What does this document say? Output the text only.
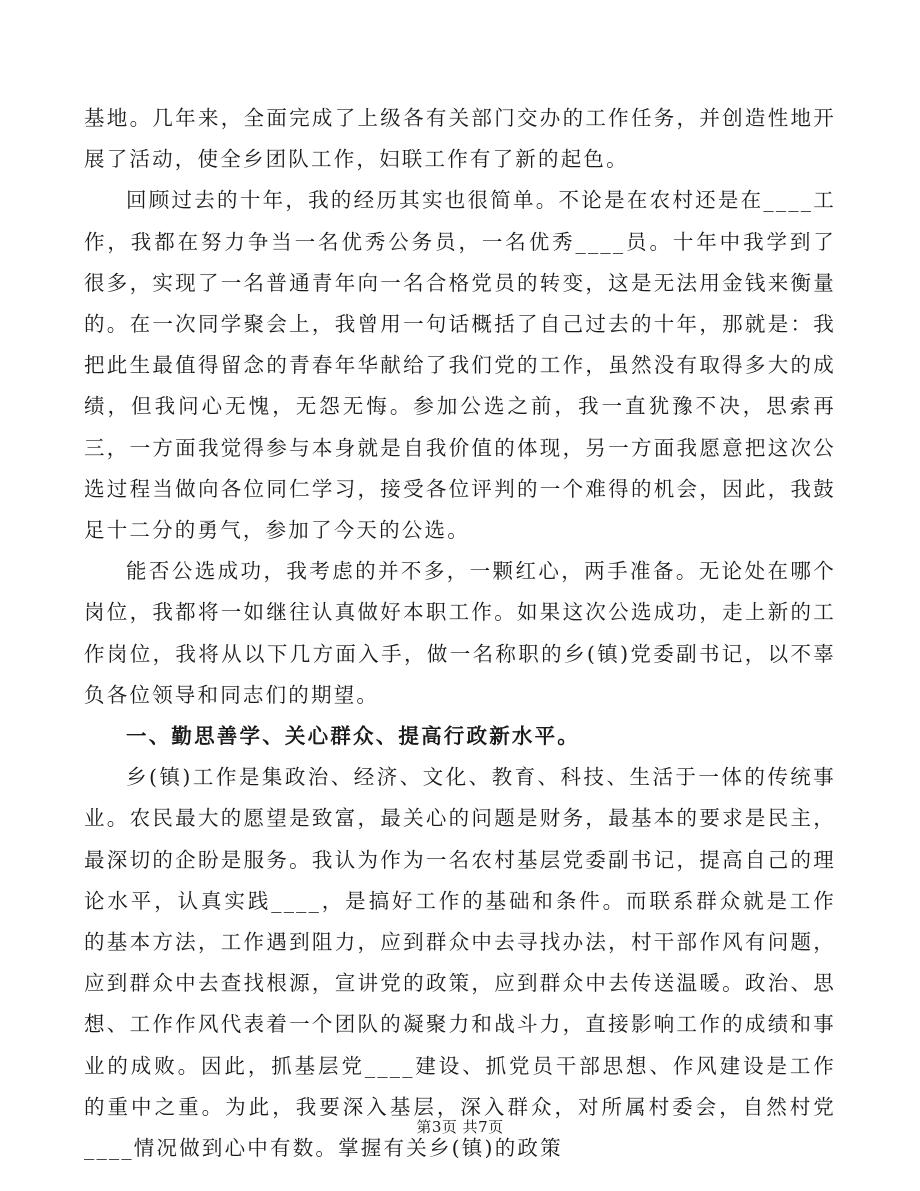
基地。几年来，全面完成了上级各有关部门交办的工作任务，并创造性地开展了活动，使全乡团队工作，妇联工作有了新的起色。

回顾过去的十年，我的经历其实也很简单。不论是在农村还是在____工作，我都在努力争当一名优秀公务员，一名优秀____员。十年中我学到了很多，实现了一名普通青年向一名合格党员的转变，这是无法用金钱来衡量的。在一次同学聚会上，我曾用一句话概括了自己过去的十年，那就是：我把此生最值得留念的青春年华献给了我们党的工作，虽然没有取得多大的成绩，但我问心无愧，无怨无悔。参加公选之前，我一直犹豫不决，思索再三，一方面我觉得参与本身就是自我价值的体现，另一方面我愿意把这次公选过程当做向各位同仁学习，接受各位评判的一个难得的机会，因此，我鼓足十二分的勇气，参加了今天的公选。

能否公选成功，我考虑的并不多，一颗红心，两手准备。无论处在哪个岗位，我都将一如继往认真做好本职工作。如果这次公选成功，走上新的工作岗位，我将从以下几方面入手，做一名称职的乡(镇)党委副书记，以不辜负各位领导和同志们的期望。

一、勤思善学、关心群众、提高行政新水平。

乡(镇)工作是集政治、经济、文化、教育、科技、生活于一体的传统事业。农民最大的愿望是致富，最关心的问题是财务，最基本的要求是民主，最深切的企盼是服务。我认为作为一名农村基层党委副书记，提高自己的理论水平，认真实践____，是搞好工作的基础和条件。而联系群众就是工作的基本方法，工作遇到阻力，应到群众中去寻找办法，村干部作风有问题，应到群众中去查找根源，宣讲党的政策，应到群众中去传送温暖。政治、思想、工作作风代表着一个团队的凝聚力和战斗力，直接影响工作的成绩和事业的成败。因此，抓基层党____建设、抓党员干部思想、作风建设是工作的重中之重。为此，我要深入基层，深入群众，对所属村委会，自然村党____情况做到心中有数。掌握有关乡(镇)的政策

第3页 共7页
